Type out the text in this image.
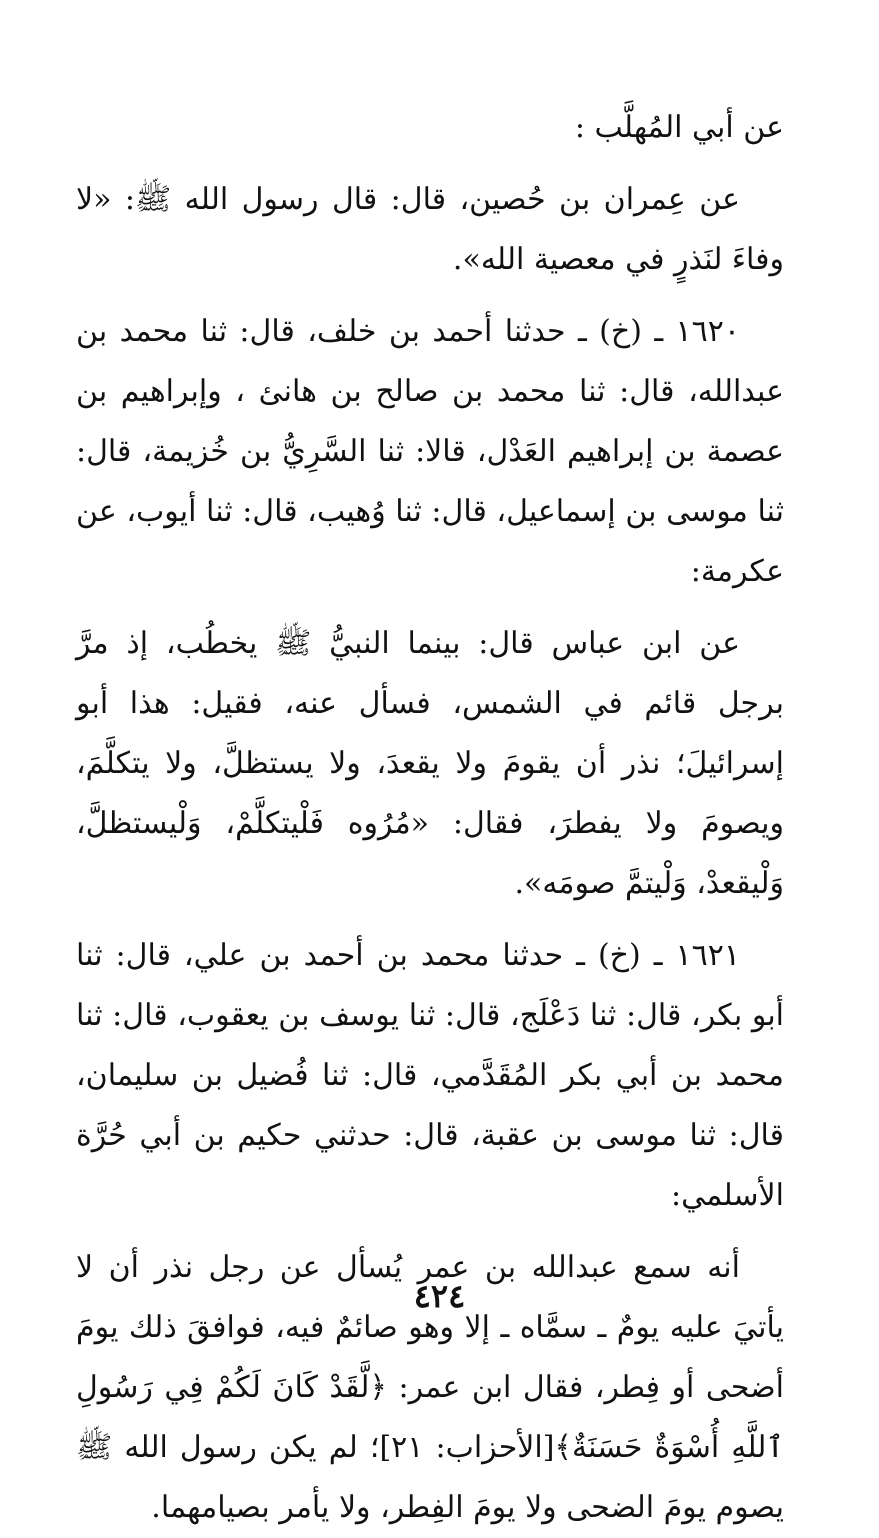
عن أبي المُهلَّب :

عن عِمران بن حُصين، قال: قال رسول الله ﷺ: «لا وفاءَ لنَذرٍ في معصية الله».

١٦٢٠ ـ (خ) ـ حدثنا أحمد بن خلف، قال: ثنا محمد بن عبدالله، قال: ثنا محمد بن صالح بن هانئ ، وإبراهيم بن عصمة بن إبراهيم العَدْل، قالا: ثنا السَّرِيُّ بن خُزيمة، قال: ثنا موسى بن إسماعيل، قال: ثنا وُهيب، قال: ثنا أيوب، عن عكرمة:

عن ابن عباس قال: بينما النبيُّ ﷺ يخطُب، إذ مرَّ برجل قائم في الشمس، فسأل عنه، فقيل: هذا أبو إسرائيلَ؛ نذر أن يقومَ ولا يقعدَ، ولا يستظلَّ، ولا يتكلَّمَ، ويصومَ ولا يفطرَ، فقال: «مُرُوه فَلْيتكلَّمْ، وَلْيستظلَّ، وَلْيقعدْ، وَلْيتمَّ صومَه».

١٦٢١ ـ (خ) ـ حدثنا محمد بن أحمد بن علي، قال: ثنا أبو بكر، قال: ثنا دَعْلَج، قال: ثنا يوسف بن يعقوب، قال: ثنا محمد بن أبي بكر المُقَدَّمي، قال: ثنا فُضيل بن سليمان، قال: ثنا موسى بن عقبة، قال: حدثني حكيم بن أبي حُرَّة الأسلمي:

أنه سمع عبدالله بن عمر يُسأل عن رجل نذر أن لا يأتيَ عليه يومٌ ـ سمَّاه ـ إلا وهو صائمٌ فيه، فوافقَ ذلك يومَ أضحى أو فِطر، فقال ابن عمر: ﴿لَّقَدْ كَانَ لَكُمْ فِي رَسُولِ ٱللَّهِ أُسْوَةٌ حَسَنَةٌ﴾[الأحزاب: ٢١]؛ لم يكن رسول الله ﷺ يصوم يومَ الضحى ولا يومَ الفِطر، ولا يأمر بصيامهما.

٤٢٤
